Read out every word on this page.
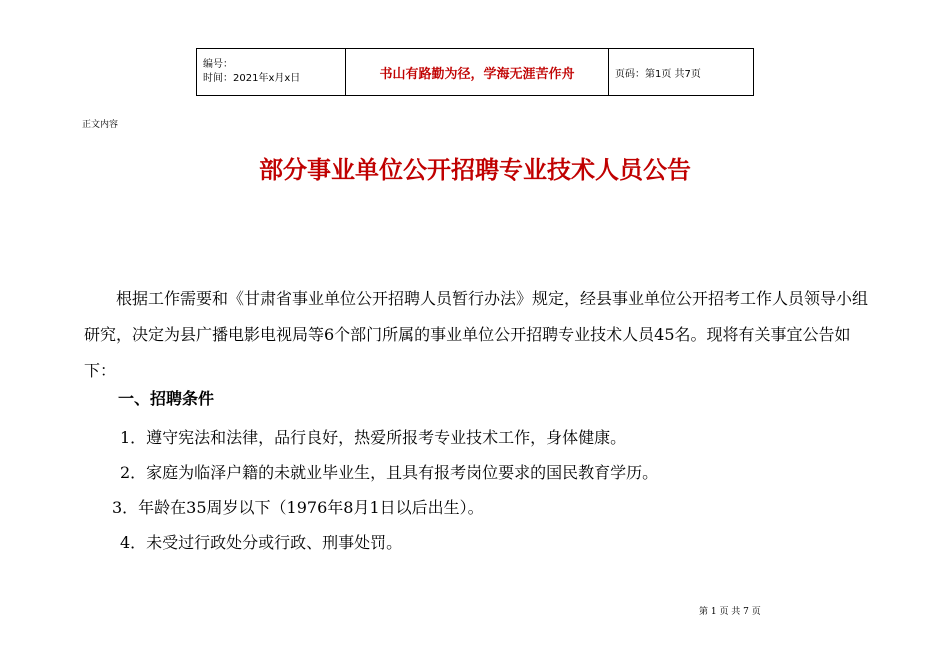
编号：
时间：2021年x月x日	书山有路勤为径，学海无涯苦作舟	页码：第1页 共7页
正文内容
部分事业单位公开招聘专业技术人员公告
根据工作需要和《甘肃省事业单位公开招聘人员暂行办法》规定，经县事业单位公开招考工作人员领导小组研究，决定为县广播电影电视局等6个部门所属的事业单位公开招聘专业技术人员45名。现将有关事宜公告如下：
一、招聘条件
1．遵守宪法和法律，品行良好，热爱所报考专业技术工作，身体健康。
2．家庭为临泽户籍的未就业毕业生，且具有报考岗位要求的国民教育学历。
3．年龄在35周岁以下（1976年8月1日以后出生）。
4．未受过行政处分或行政、刑事处罚。
第 1 页 共 7 页
